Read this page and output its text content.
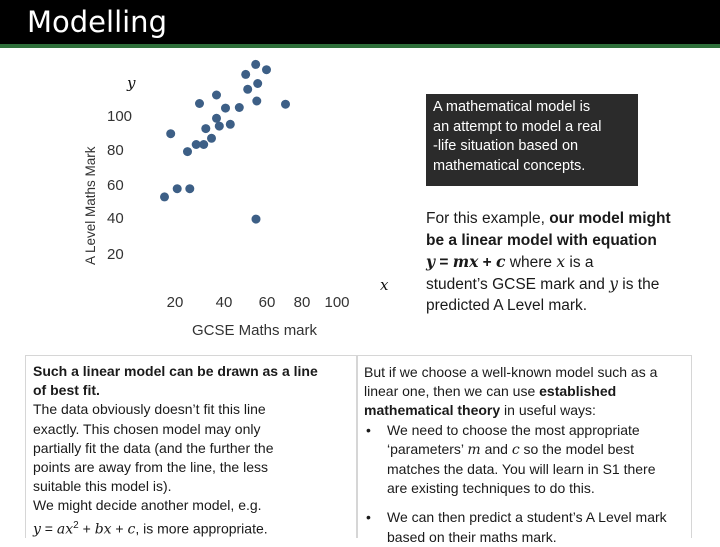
Modelling
20 40 60 80 100
100
80
60
40
20
y
x
GCSE Maths mark
A Level Maths Mark
A mathematical model is
an attempt to model a real
-life situation based on
mathematical concepts.
For this example, our model might
be a linear model with equation
y = mx + c where x is a
student’s GCSE mark and y is the
predicted A Level mark.
Such a linear model can be drawn as a line
of best fit.
The data obviously doesn’t fit this line
exactly. This chosen model may only
partially fit the data (and the further the
points are away from the line, the less
suitable this model is).
We might decide another model, e.g.
$y = ax^2$ + bx + c, is more appropriate.
But if we choose a well-known model such as a
linear one, then we can use established
mathematical theory in useful ways:
• We need to choose the most appropriate
‘parameters’ m and c so the model best
matches the data. You will learn in S1 there
are existing techniques to do this.
• We can then predict a student’s A Level mark
based on their maths mark.
